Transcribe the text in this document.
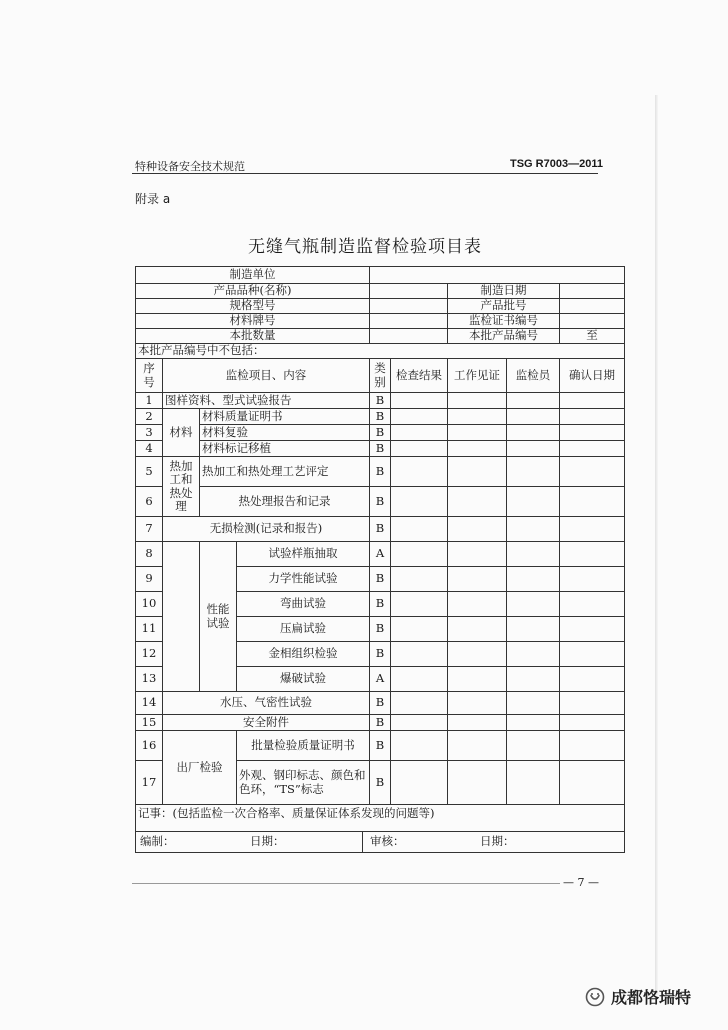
特种设备安全技术规范	TSG R7003—2011
附录 a
无缝气瓶制造监督检验项目表
制造单位								
产品品种(名称)						制造日期		
规格型号						产品批号		
材料牌号						监检证书编号		
本批数量						本批产品编号		至
本批产品编号中不包括：								
序号	监检项目、内容			类别	检查结果	工作见证	监检员	确认日期
1	图样资料、型式试验报告			B				
2	材料	材料质量证明书		B				
3		材料复验		B				
4		材料标记移植		B				
5	热加工和热处理	热加工和热处理工艺评定		B				
6		热处理报告和记录		B				
7	无损检测(记录和报告)			B				
8		性能试验	试验样瓶抽取	A				
9			力学性能试验	B				
10			弯曲试验	B				
11			压扁试验	B				
12			金相组织检验	B				
13			爆破试验	A				
14	水压、气密性试验			B				
15	安全附件			B				
16	出厂检验		批量检验质量证明书	B				
17			外观、钢印标志、颜色和色环，“TS”标志	B				
记事：(包括监检一次合格率、质量保证体系发现的问题等)								

编制： 日期： 审核： 日期：								
— 7 —
成都恪瑞特
